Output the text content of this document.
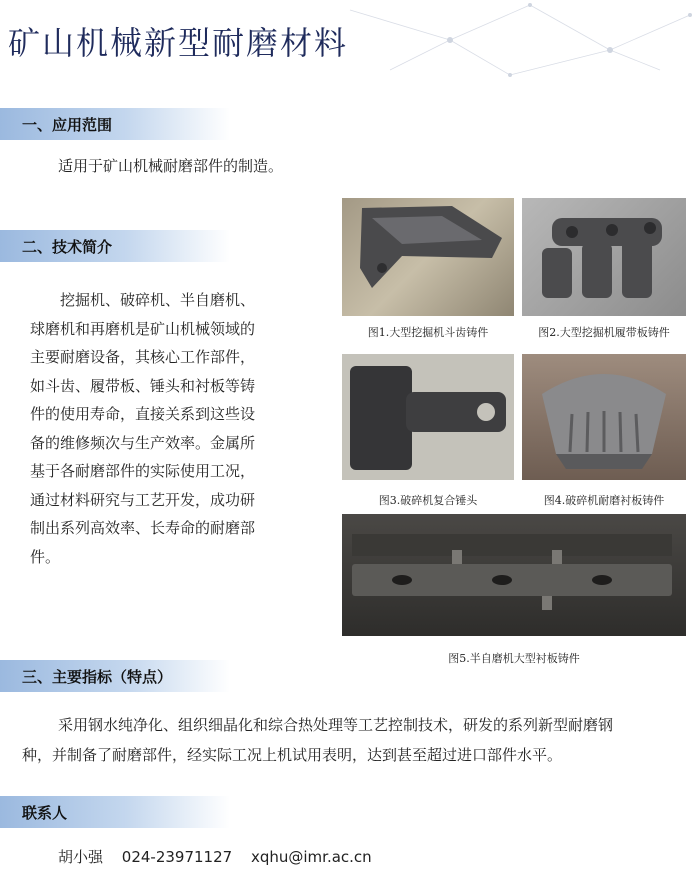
矿山机械新型耐磨材料
一、应用范围
适用于矿山机械耐磨部件的制造。
二、技术简介
挖掘机、破碎机、半自磨机、
球磨机和再磨机是矿山机械领域的
主要耐磨设备，其核心工作部件，
如斗齿、履带板、锤头和衬板等铸
件的使用寿命，直接关系到这些设
备的维修频次与生产效率。金属所
基于各耐磨部件的实际使用工况，
通过材料研究与工艺开发，成功研
制出系列高效率、长寿命的耐磨部
件。
图1.大型挖掘机斗齿铸件	图2.大型挖掘机履带板铸件
图3.破碎机复合锤头	图4.破碎机耐磨衬板铸件
图5.半自磨机大型衬板铸件
三、主要指标（特点）
采用钢水纯净化、组织细晶化和综合热处理等工艺控制技术，研发的系列新型耐磨钢
种，并制备了耐磨部件，经实际工况上机试用表明，达到甚至超过进口部件水平。
联系人
胡小强 024-23971127 xqhu@imr.ac.cn
